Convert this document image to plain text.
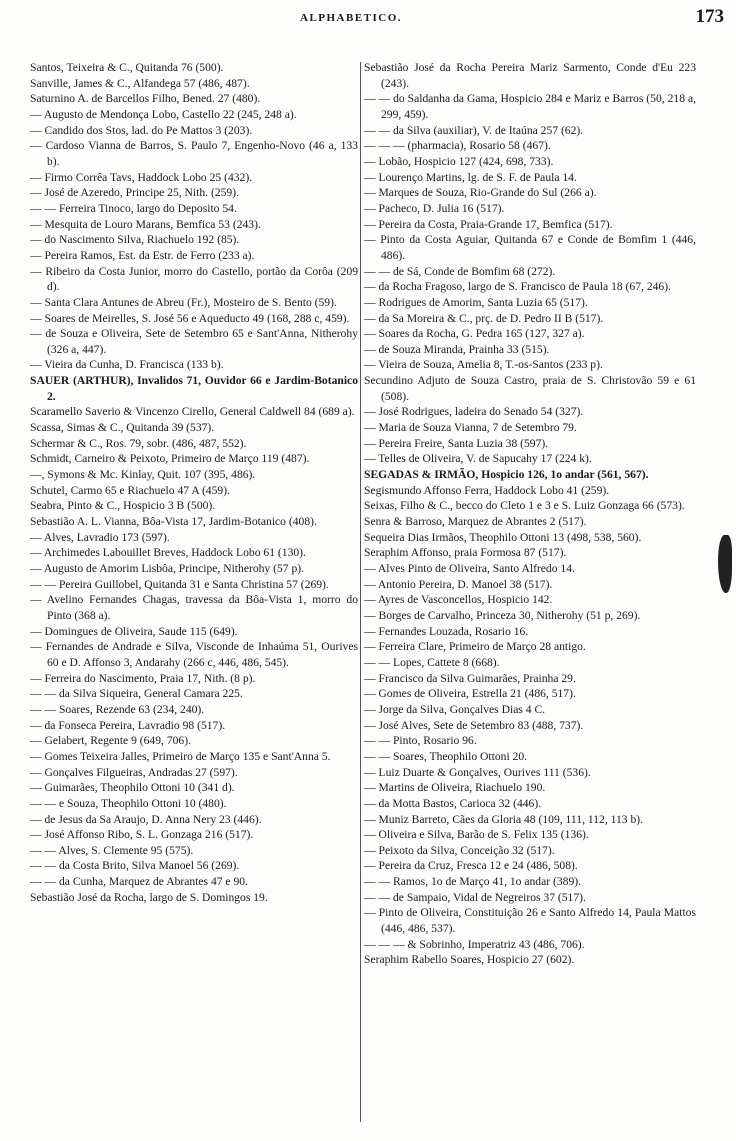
ALPHABETICO.	173
Santos, Teixeira & C., Quitanda 76 (500).
Sanville, James & C., Alfandega 57 (486, 487).
Saturnino A. de Barcellos Filho, Bened. 27 (480).
— Augusto de Mendonça Lobo, Castello 22 (245, 248 a).
— Candido dos Stos, lad. do Pe Mattos 3 (203).
— Cardoso Vianna de Barros, S. Paulo 7, Engenho-Novo (46 a, 133 b).
— Firmo Corrêa Tavs, Haddock Lobo 25 (432).
— José de Azeredo, Principe 25, Nith. (259).
— — Ferreira Tinoco, largo do Deposito 54.
— Mesquita de Louro Marans, Bemfica 53 (243).
— do Nascimento Silva, Riachuelo 192 (85).
— Pereira Ramos, Est. da Estr. de Ferro (233 a).
— Ribeiro da Costa Junior, morro do Castello, portão da Corôa (209 d).
— Santa Clara Antunes de Abreu (Fr.), Mosteiro de S. Bento (59).
— Soares de Meirelles, S. José 56 e Aqueducto 49 (168, 288 c, 459).
— de Souza e Oliveira, Sete de Setembro 65 e Sant'Anna, Nitherohy (326 a, 447).
— Vieira da Cunha, D. Francisca (133 b).
SAUER (ARTHUR), Invalidos 71, Ouvidor 66 e Jardim-Botanico 2.
Scaramello Saverio & Vincenzo Cirello, General Caldwell 84 (689 a).
Scassa, Simas & C., Quitanda 39 (537).
Schermar & C., Ros. 79, sobr. (486, 487, 552).
Schmidt, Carneiro & Peixoto, Primeiro de Março 119 (487).
—, Symons & Mc. Kinlay, Quit. 107 (395, 486).
Schutel, Carmo 65 e Riachuelo 47 A (459).
Seabra, Pinto & C., Hospicio 3 B (500).
Sebastião A. L. Vianna, Bôa-Vista 17, Jardim-Botanico (408).
— Alves, Lavradio 173 (597).
— Archimedes Labouillet Breves, Haddock Lobo 61 (130).
— Augusto de Amorim Lisbôa, Principe, Nitherohy (57 p).
— — Pereira Guillobel, Quitanda 31 e Santa Christina 57 (269).
— Avelino Fernandes Chagas, travessa da Bôa-Vista 1, morro do Pinto (368 a).
— Domingues de Oliveira, Saude 115 (649).
— Fernandes de Andrade e Silva, Visconde de Inhaúma 51, Ourives 60 e D. Affonso 3, Andarahy (266 c, 446, 486, 545).
— Ferreira do Nascimento, Praia 17, Nith. (8 p).
— — da Silva Siqueira, General Camara 225.
— — Soares, Rezende 63 (234, 240).
— da Fonseca Pereira, Lavradio 98 (517).
— Gelabert, Regente 9 (649, 706).
— Gomes Teixeira Jalles, Primeiro de Março 135 e Sant'Anna 5.
— Gonçalves Filgueiras, Andradas 27 (597).
— Guimarães, Theophilo Ottoni 10 (341 d).
— — e Souza, Theophilo Ottoni 10 (480).
— de Jesus da Sa Araujo, D. Anna Nery 23 (446).
— José Affonso Ribo, S. L. Gonzaga 216 (517).
— — Alves, S. Clemente 95 (575).
— — da Costa Brito, Silva Manoel 56 (269).
— — da Cunha, Marquez de Abrantes 47 e 90.
Sebastião José da Rocha, largo de S. Domingos 19.
Sebastião José da Rocha Pereira Mariz Sarmento, Conde d'Eu 223 (243).
— — do Saldanha da Gama, Hospicio 284 e Mariz e Barros (50, 218 a, 299, 459).
— — da Silva (auxiliar), V. de Itaúna 257 (62).
— — — (pharmacia), Rosario 58 (467).
— Lobão, Hospicio 127 (424, 698, 733).
— Lourenço Martins, lg. de S. F. de Paula 14.
— Marques de Souza, Rio-Grande do Sul (266 a).
— Pacheco, D. Julia 16 (517).
— Pereira da Costa, Praia-Grande 17, Bemfica (517).
— Pinto da Costa Aguiar, Quitanda 67 e Conde de Bomfim 1 (446, 486).
— — de Sá, Conde de Bomfim 68 (272).
— da Rocha Fragoso, largo de S. Francisco de Paula 18 (67, 246).
— Rodrigues de Amorim, Santa Luzia 65 (517).
— da Sa Moreira & C., prç. de D. Pedro II B (517).
— Soares da Rocha, G. Pedra 165 (127, 327 a).
— de Souza Miranda, Prainha 33 (515).
— Vieira de Souza, Amelia 8, T.-os-Santos (233 p).
Secundino Adjuto de Souza Castro, praia de S. Christovão 59 e 61 (508).
— José Rodrigues, ladeira do Senado 54 (327).
— Maria de Souza Vianna, 7 de Setembro 79.
— Pereira Freire, Santa Luzia 38 (597).
— Telles de Oliveira, V. de Sapucahy 17 (224 k).
SEGADAS & IRMÃO, Hospicio 126, 1o andar (561, 567).
Segismundo Affonso Ferra, Haddock Lobo 41 (259).
Seixas, Filho & C., becco do Cleto 1 e 3 e S. Luiz Gonzaga 66 (573).
Senra & Barroso, Marquez de Abrantes 2 (517).
Sequeira Dias Irmãos, Theophilo Ottoni 13 (498, 538, 560).
Seraphim Affonso, praia Formosa 87 (517).
— Alves Pinto de Oliveira, Santo Alfredo 14.
— Antonio Pereira, D. Manoel 38 (517).
— Ayres de Vasconcellos, Hospicio 142.
— Borges de Carvalho, Princeza 30, Nitherohy (51 p, 269).
— Fernandes Louzada, Rosario 16.
— Ferreira Clare, Primeiro de Março 28 antigo.
— — Lopes, Cattete 8 (668).
— Francisco da Silva Guimarães, Prainha 29.
— Gomes de Oliveira, Estrella 21 (486, 517).
— Jorge da Silva, Gonçalves Dias 4 C.
— José Alves, Sete de Setembro 83 (488, 737).
— — Pinto, Rosario 96.
— — Soares, Theophilo Ottoni 20.
— Luiz Duarte & Gonçalves, Ourives 111 (536).
— Martins de Oliveira, Riachuelo 190.
— da Motta Bastos, Carioca 32 (446).
— Muniz Barreto, Cães da Gloria 48 (109, 111, 112, 113 b).
— Oliveira e Silva, Barão de S. Felix 135 (136).
— Peixoto da Silva, Conceição 32 (517).
— Pereira da Cruz, Fresca 12 e 24 (486, 508).
— — Ramos, 1o de Março 41, 1o andar (389).
— — de Sampaio, Vidal de Negreiros 37 (517).
— Pinto de Oliveira, Constituição 26 e Santo Alfredo 14, Paula Mattos (446, 486, 537).
— — — & Sobrinho, Imperatriz 43 (486, 706).
Seraphim Rabello Soares, Hospicio 27 (602).
